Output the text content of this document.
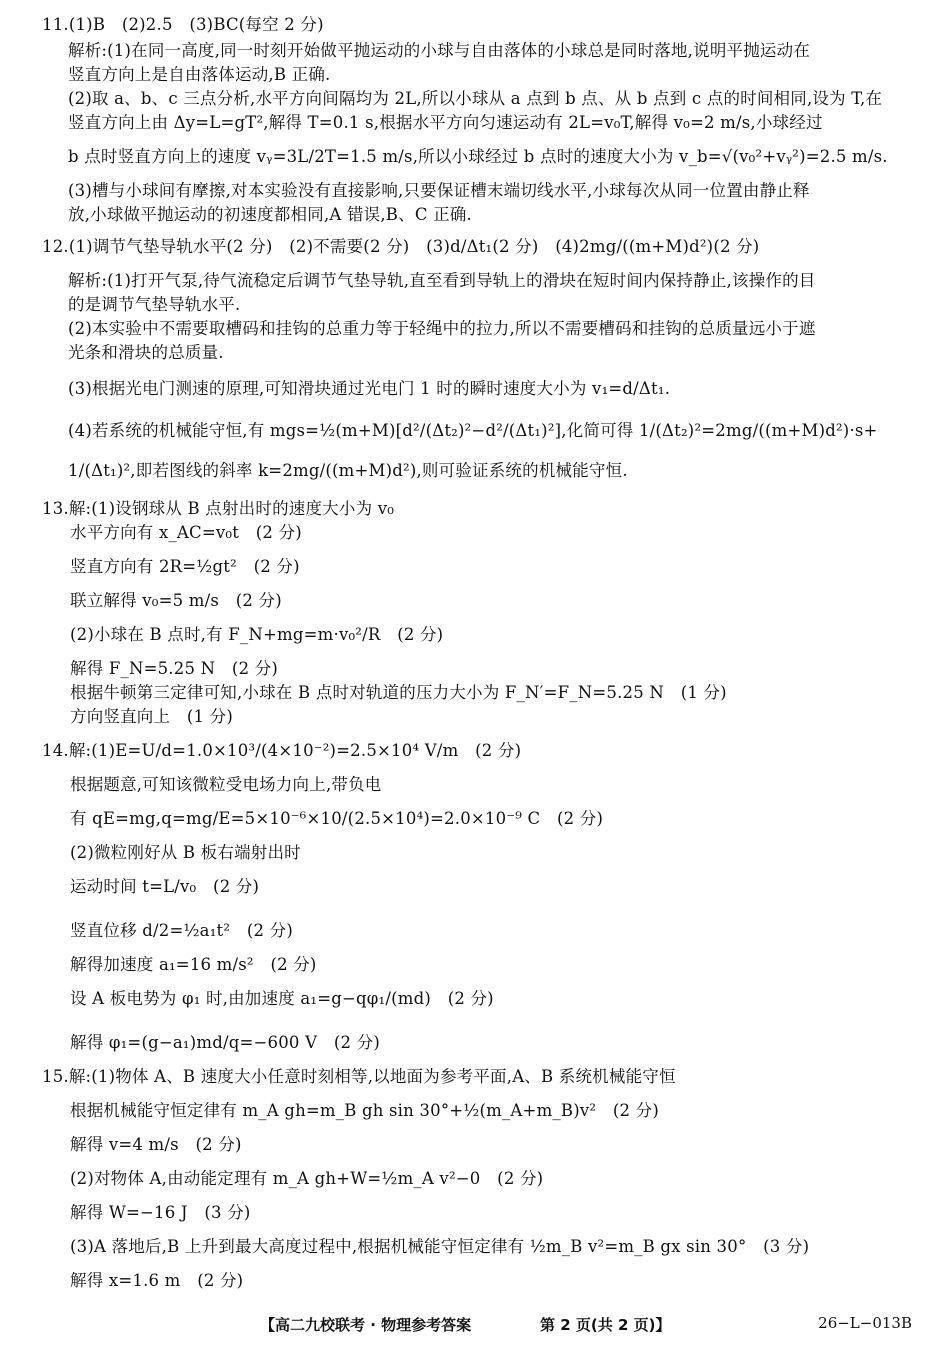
11.(1)B　(2)2.5　(3)BC(每空 2 分)
解析:(1)在同一高度,同一时刻开始做平抛运动的小球与自由落体的小球总是同时落地,说明平抛运动在
竖直方向上是自由落体运动,B 正确.
(2)取 a、b、c 三点分析,水平方向间隔均为 2L,所以小球从 a 点到 b 点、从 b 点到 c 点的时间相同,设为 T,在
竖直方向上由 Δy=L=gT²,解得 T=0.1 s,根据水平方向匀速运动有 2L=v₀T,解得 v₀=2 m/s,小球经过
b 点时竖直方向上的速度 vᵧ=3L/2T=1.5 m/s,所以小球经过 b 点时的速度大小为 v_b=√(v₀²+vᵧ²)=2.5 m/s.
(3)槽与小球间有摩擦,对本实验没有直接影响,只要保证槽末端切线水平,小球每次从同一位置由静止释
放,小球做平抛运动的初速度都相同,A 错误,B、C 正确.
12.(1)调节气垫导轨水平(2 分)　(2)不需要(2 分)　(3)d/Δt₁(2 分)　(4)2mg/((m+M)d²)(2 分)
解析:(1)打开气泵,待气流稳定后调节气垫导轨,直至看到导轨上的滑块在短时间内保持静止,该操作的目
的是调节气垫导轨水平.
(2)本实验中不需要取槽码和挂钩的总重力等于轻绳中的拉力,所以不需要槽码和挂钩的总质量远小于遮
光条和滑块的总质量.
(3)根据光电门测速的原理,可知滑块通过光电门 1 时的瞬时速度大小为 v₁=d/Δt₁.
(4)若系统的机械能守恒,有 mgs=½(m+M)[d²/(Δt₂)²−d²/(Δt₁)²],化简可得 1/(Δt₂)²=2mg/((m+M)d²)·s+
1/(Δt₁)²,即若图线的斜率 k=2mg/((m+M)d²),则可验证系统的机械能守恒.
13.解:(1)设钢球从 B 点射出时的速度大小为 v₀
水平方向有 x_AC=v₀t　(2 分)
竖直方向有 2R=½gt²　(2 分)
联立解得 v₀=5 m/s　(2 分)
(2)小球在 B 点时,有 F_N+mg=m·v₀²/R　(2 分)
解得 F_N=5.25 N　(2 分)
根据牛顿第三定律可知,小球在 B 点时对轨道的压力大小为 F_N′=F_N=5.25 N　(1 分)
方向竖直向上　(1 分)
14.解:(1)E=U/d=1.0×10³/(4×10⁻²)=2.5×10⁴ V/m　(2 分)
根据题意,可知该微粒受电场力向上,带负电
有 qE=mg,q=mg/E=5×10⁻⁶×10/(2.5×10⁴)=2.0×10⁻⁹ C　(2 分)
(2)微粒刚好从 B 板右端射出时
运动时间 t=L/v₀　(2 分)
竖直位移 d/2=½a₁t²　(2 分)
解得加速度 a₁=16 m/s²　(2 分)
设 A 板电势为 φ₁ 时,由加速度 a₁=g−qφ₁/(md)　(2 分)
解得 φ₁=(g−a₁)md/q=−600 V　(2 分)
15.解:(1)物体 A、B 速度大小任意时刻相等,以地面为参考平面,A、B 系统机械能守恒
根据机械能守恒定律有 m_A gh=m_B gh sin 30°+½(m_A+m_B)v²　(2 分)
解得 v=4 m/s　(2 分)
(2)对物体 A,由动能定理有 m_A gh+W=½m_A v²−0　(2 分)
解得 W=−16 J　(3 分)
(3)A 落地后,B 上升到最大高度过程中,根据机械能守恒定律有 ½m_B v²=m_B gx sin 30°　(3 分)
解得 x=1.6 m　(2 分)
【高二九校联考 · 物理参考答案	第 2 页(共 2 页)】	26−L−013B
